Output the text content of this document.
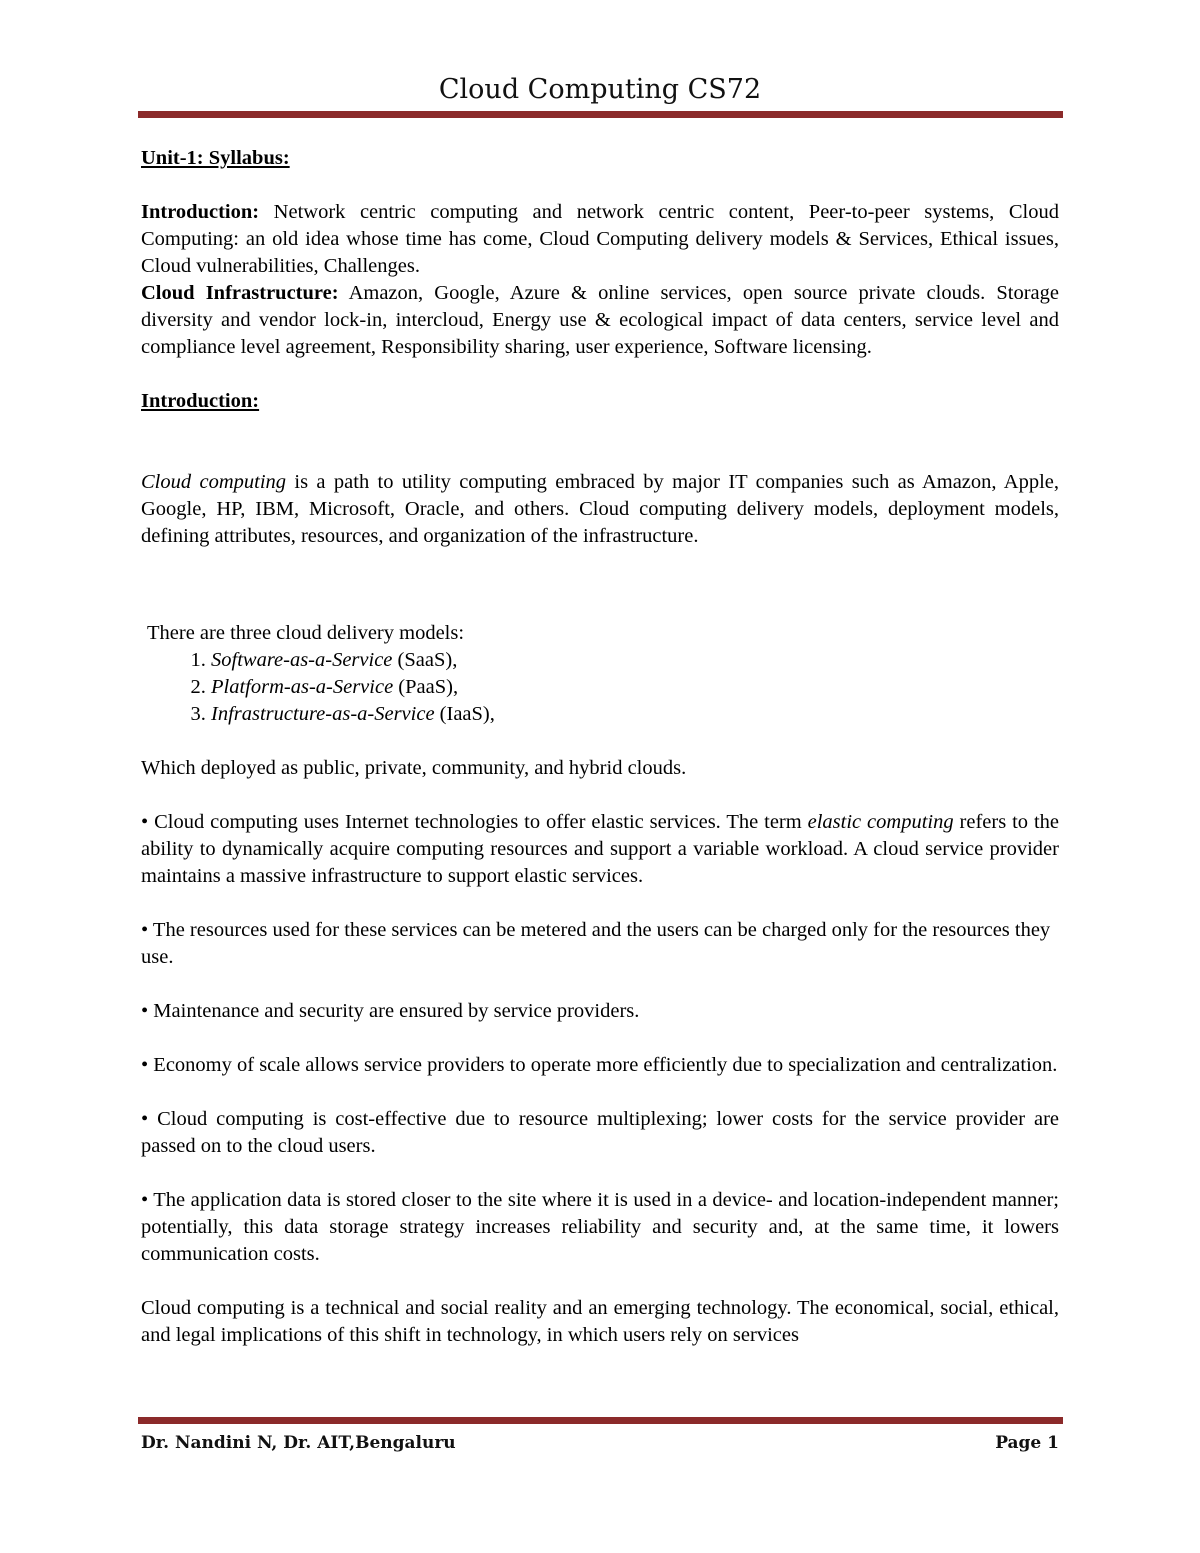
Cloud Computing CS72

Unit-1: Syllabus:

Introduction: Network centric computing and network centric content, Peer-to-peer systems, Cloud Computing: an old idea whose time has come, Cloud Computing delivery models & Services, Ethical issues, Cloud vulnerabilities, Challenges.

Cloud Infrastructure: Amazon, Google, Azure & online services, open source private clouds. Storage diversity and vendor lock-in, intercloud, Energy use & ecological impact of data centers, service level and compliance level agreement, Responsibility sharing, user experience, Software licensing.

Introduction:

Cloud computing is a path to utility computing embraced by major IT companies such as Amazon, Apple, Google, HP, IBM, Microsoft, Oracle, and others. Cloud computing delivery models, deployment models, defining attributes, resources, and organization of the infrastructure.

There are three cloud delivery models:

1. Software-as-a-Service (SaaS),
2. Platform-as-a-Service (PaaS),
3. Infrastructure-as-a-Service (IaaS),

Which deployed as public, private, community, and hybrid clouds.

• Cloud computing uses Internet technologies to offer elastic services. The term elastic computing refers to the ability to dynamically acquire computing resources and support a variable workload. A cloud service provider maintains a massive infrastructure to support elastic services.

• The resources used for these services can be metered and the users can be charged only for the resources they use.

• Maintenance and security are ensured by service providers.

• Economy of scale allows service providers to operate more efficiently due to specialization and centralization.

• Cloud computing is cost-effective due to resource multiplexing; lower costs for the service provider are passed on to the cloud users.

• The application data is stored closer to the site where it is used in a device- and location-independent manner; potentially, this data storage strategy increases reliability and security and, at the same time, it lowers communication costs.

Cloud computing is a technical and social reality and an emerging technology. The economical, social, ethical, and legal implications of this shift in technology, in which users rely on services

Dr. Nandini N, Dr. AIT,Bengaluru	Page 1
